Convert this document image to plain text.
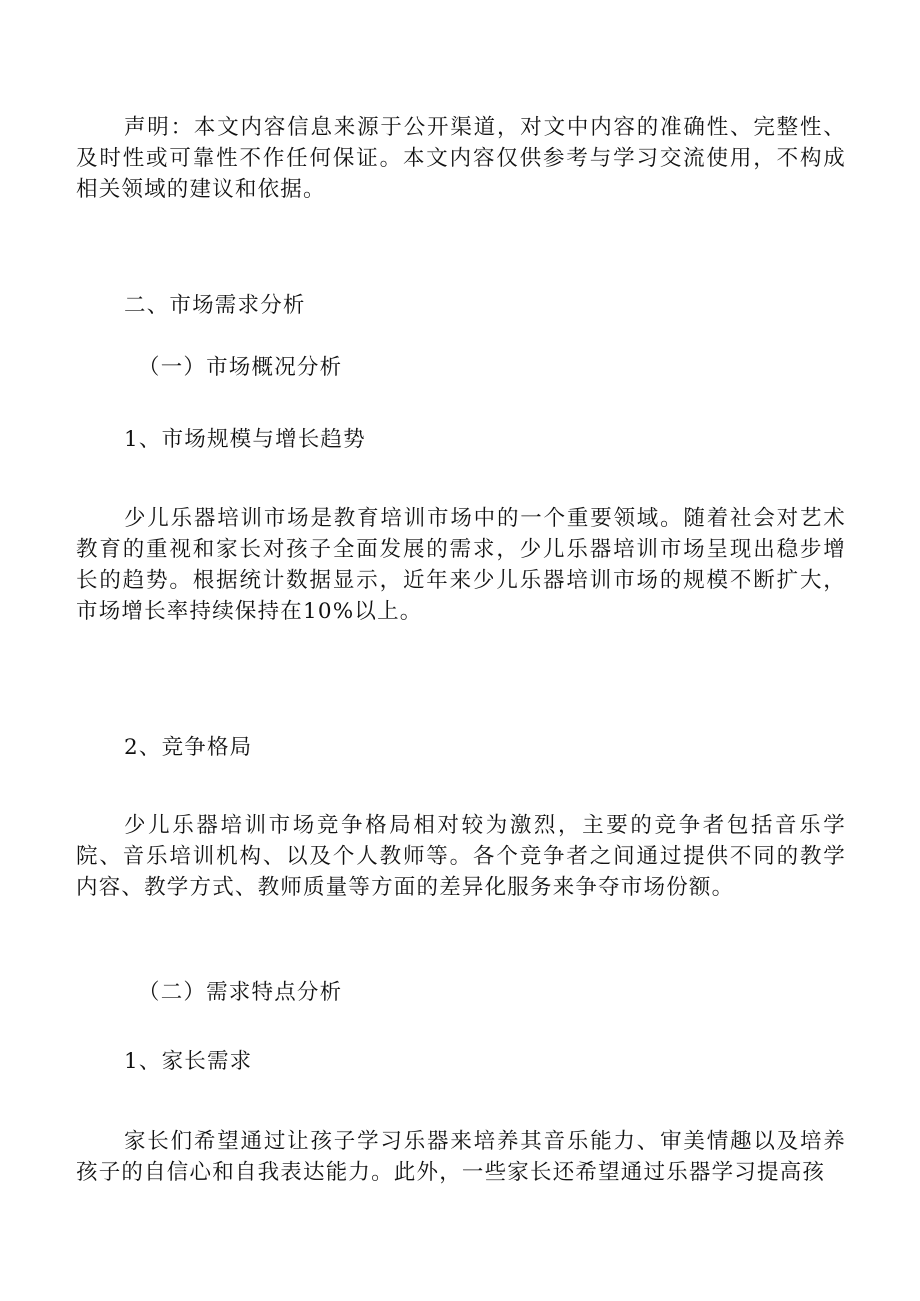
声明：本文内容信息来源于公开渠道，对文中内容的准确性、完整性、及时性或可靠性不作任何保证。本文内容仅供参考与学习交流使用，不构成相关领域的建议和依据。

二、市场需求分析

（一）市场概况分析

1、市场规模与增长趋势

少儿乐器培训市场是教育培训市场中的一个重要领域。随着社会对艺术教育的重视和家长对孩子全面发展的需求，少儿乐器培训市场呈现出稳步增长的趋势。根据统计数据显示，近年来少儿乐器培训市场的规模不断扩大，市场增长率持续保持在10%以上。

2、竞争格局

少儿乐器培训市场竞争格局相对较为激烈，主要的竞争者包括音乐学院、音乐培训机构、以及个人教师等。各个竞争者之间通过提供不同的教学内容、教学方式、教师质量等方面的差异化服务来争夺市场份额。

（二）需求特点分析

1、家长需求

家长们希望通过让孩子学习乐器来培养其音乐能力、审美情趣以及培养孩子的自信心和自我表达能力。此外，一些家长还希望通过乐器学习提高孩
